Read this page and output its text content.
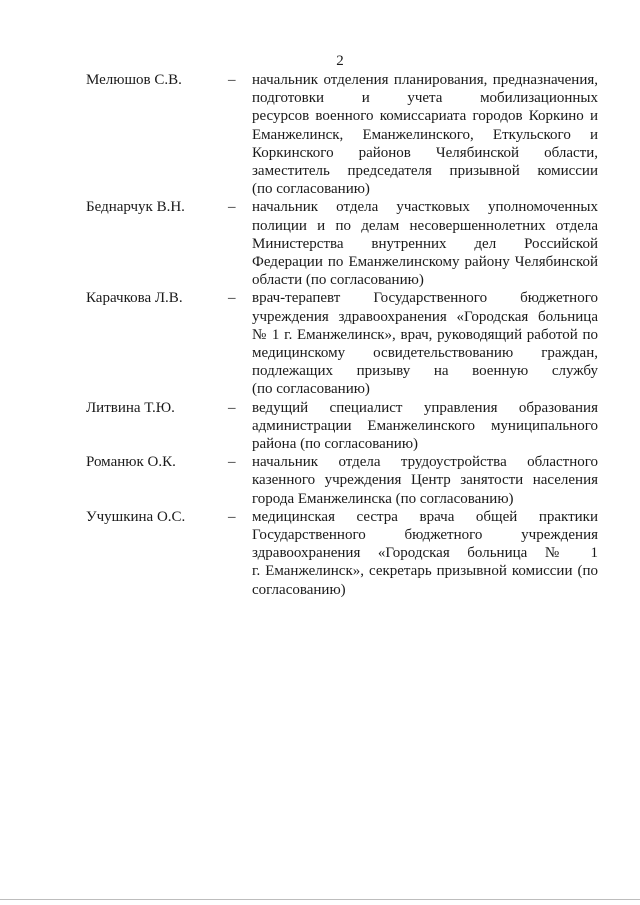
2
Мелюшов С.В.	–	начальник отделения планирования, предназначения,
подготовки и учета мобилизационных
ресурсов военного комиссариата городов Коркино и
Еманжелинск, Еманжелинского, Еткульского и
Коркинского районов Челябинской области,
заместитель председателя призывной комиссии
(по согласованию)
Беднарчук В.Н.	–	начальник отдела участковых уполномоченных
полиции и по делам несовершеннолетних отдела
Министерства внутренних дел Российской
Федерации по Еманжелинскому району Челябинской
области (по согласованию)
Карачкова Л.В.	–	врач-терапевт Государственного бюджетного
учреждения здравоохранения «Городская больница
№ 1 г. Еманжелинск», врач, руководящий работой по
медицинскому освидетельствованию граждан,
подлежащих призыву на военную службу
(по согласованию)
Литвина Т.Ю.	–	ведущий специалист управления образования
администрации Еманжелинского муниципального
района (по согласованию)
Романюк О.К.	–	начальник отдела трудоустройства областного
казенного учреждения Центр занятости населения
города Еманжелинска (по согласованию)
Учушкина О.С.	–	медицинская сестра врача общей практики
Государственного бюджетного учреждения
здравоохранения «Городская больница № 1
г. Еманжелинск», секретарь призывной комиссии (по
согласованию)
